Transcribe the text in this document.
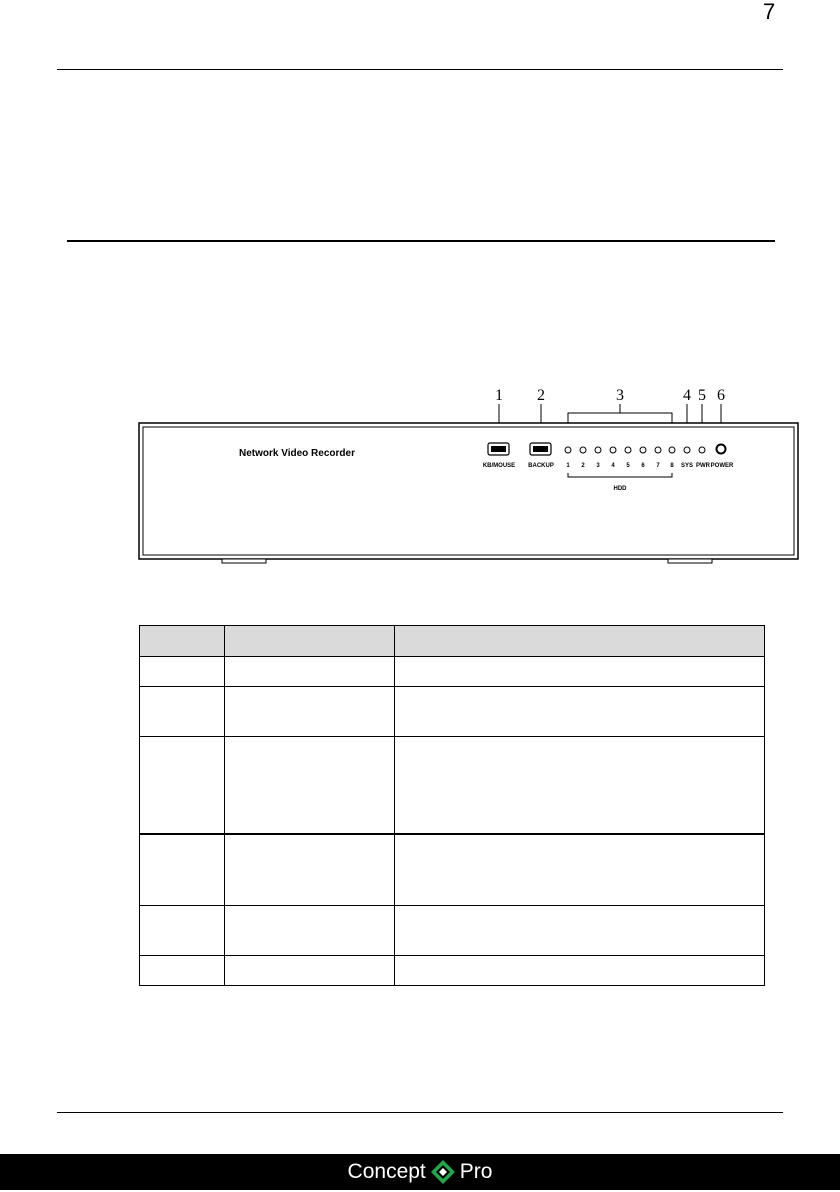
7
1 2	3	4 5 6
Network Video Recorder
KB/MOUSE BACKUP 1 2 3 4 5 6 7 8 SYS PWR POWER
HDD

Concept Pro
